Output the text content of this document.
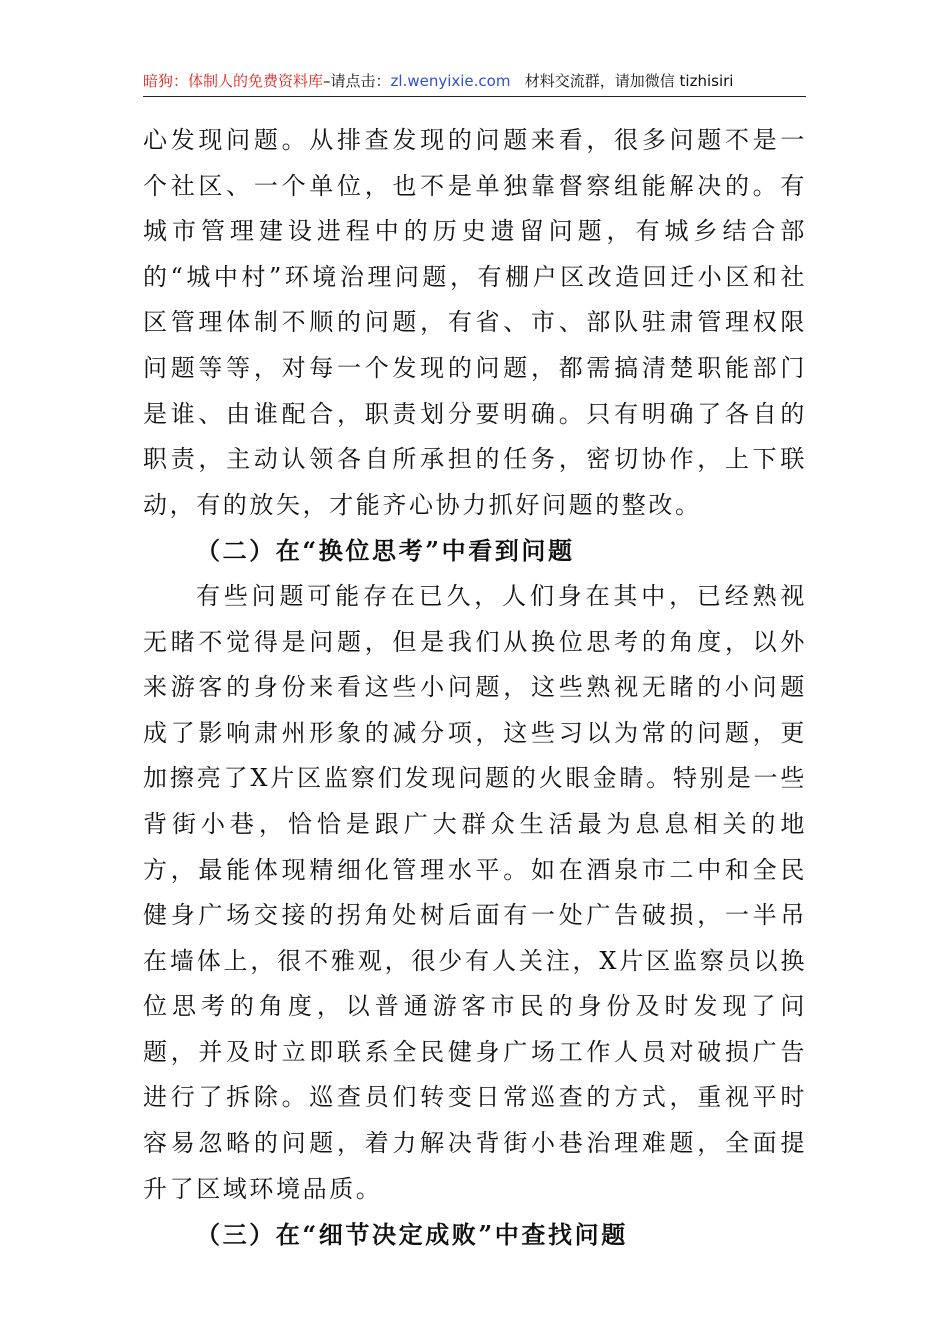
暗狗：体制人的免费资料库–请点击：zl.wenyixie.com 材料交流群，请加微信 tizhisiri

心发现问题。从排查发现的问题来看，很多问题不是一个社区、一个单位，也不是单独靠督察组能解决的。有城市管理建设进程中的历史遗留问题，有城乡结合部的“城中村”环境治理问题，有棚户区改造回迁小区和社区管理体制不顺的问题，有省、市、部队驻肃管理权限问题等等，对每一个发现的问题，都需搞清楚职能部门是谁、由谁配合，职责划分要明确。只有明确了各自的职责，主动认领各自所承担的任务，密切协作，上下联动，有的放矢，才能齐心协力抓好问题的整改。

（二）在“换位思考”中看到问题

有些问题可能存在已久，人们身在其中，已经熟视无睹不觉得是问题，但是我们从换位思考的角度，以外来游客的身份来看这些小问题，这些熟视无睹的小问题成了影响肃州形象的减分项，这些习以为常的问题，更加擦亮了X片区监察们发现问题的火眼金睛。特别是一些背街小巷，恰恰是跟广大群众生活最为息息相关的地方，最能体现精细化管理水平。如在酒泉市二中和全民健身广场交接的拐角处树后面有一处广告破损，一半吊在墙体上，很不雅观，很少有人关注，X片区监察员以换位思考的角度，以普通游客市民的身份及时发现了问题，并及时立即联系全民健身广场工作人员对破损广告进行了拆除。巡查员们转变日常巡查的方式，重视平时容易忽略的问题，着力解决背街小巷治理难题，全面提升了区域环境品质。

（三）在“细节决定成败”中查找问题
